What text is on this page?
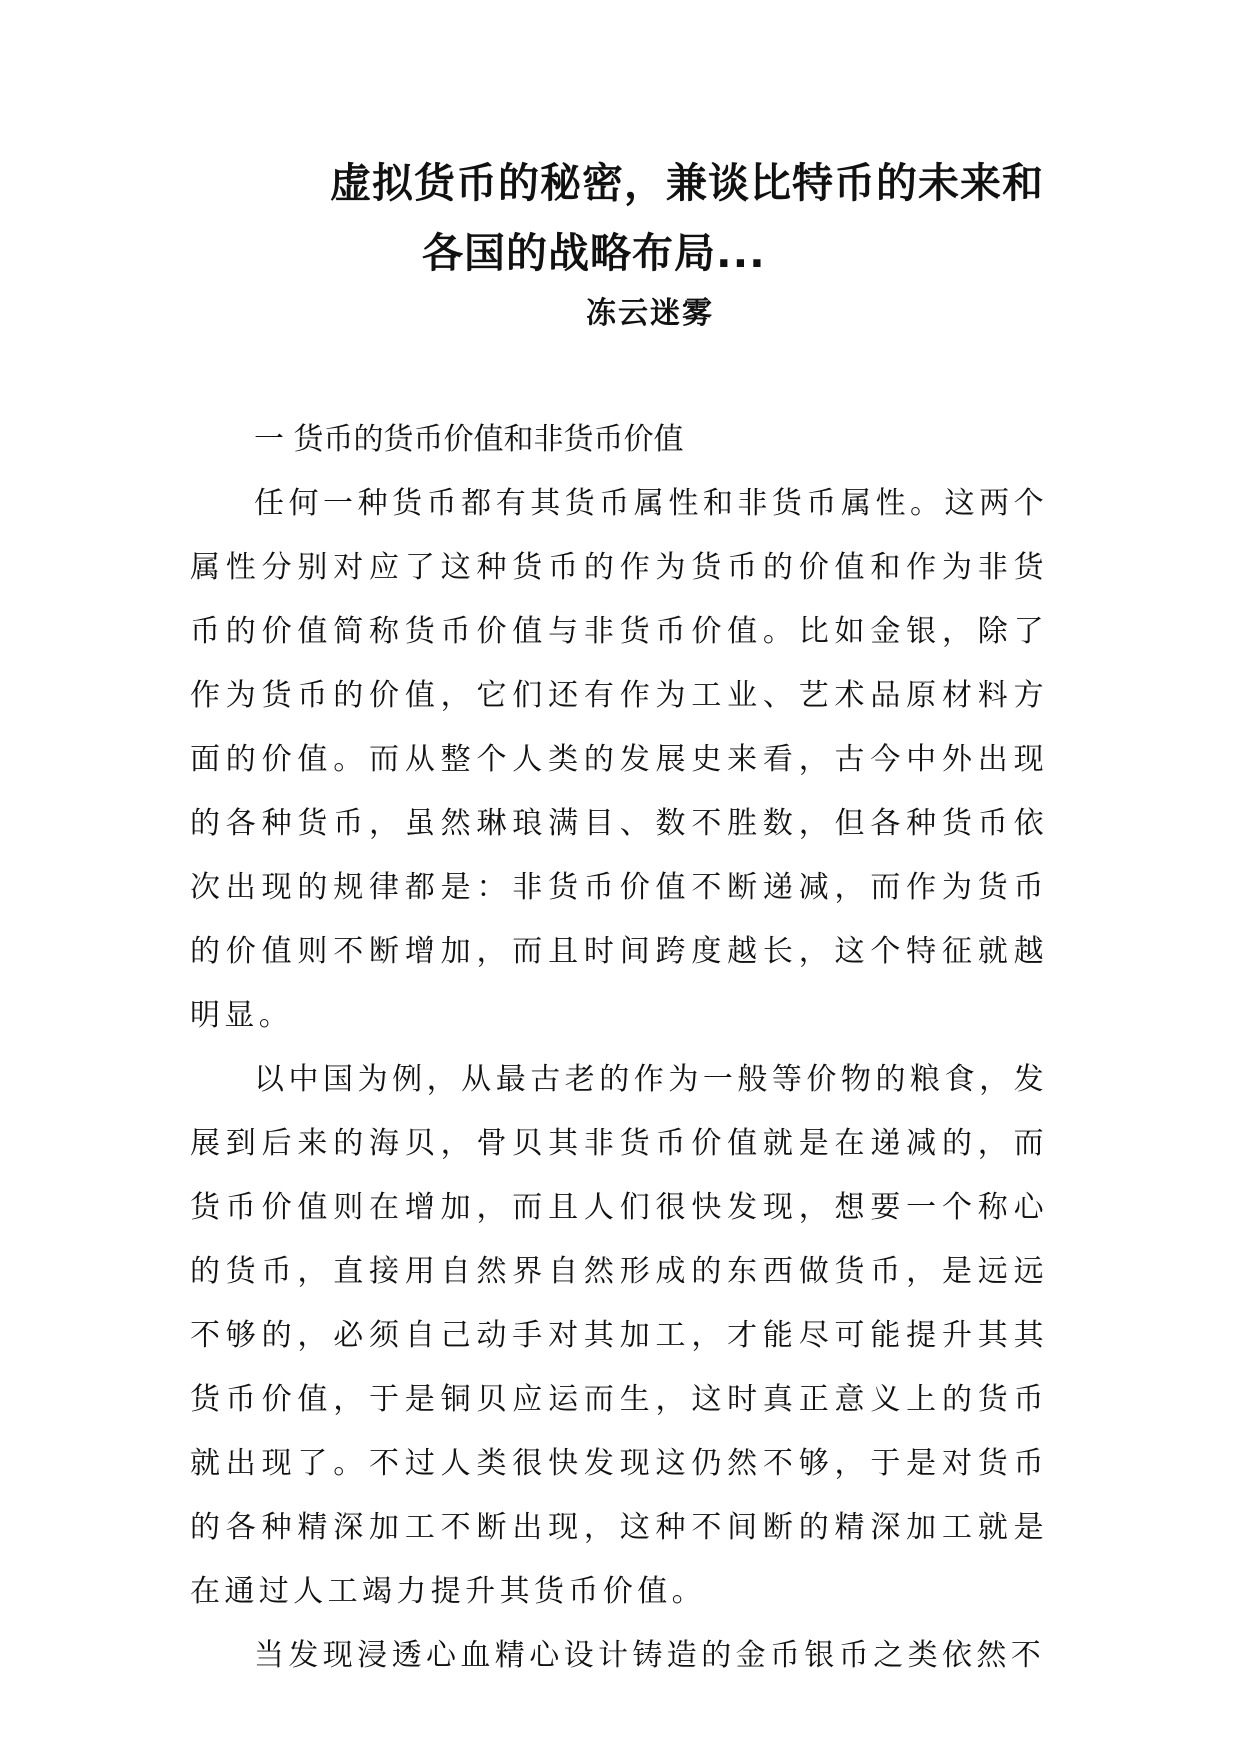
虚拟货币的秘密，兼谈比特币的未来和
各国的战略布局...
冻云迷雾
一 货币的货币价值和非货币价值

任何一种货币都有其货币属性和非货币属性。这两个属性分别对应了这种货币的作为货币的价值和作为非货币的价值简称货币价值与非货币价值。比如金银，除了作为货币的价值，它们还有作为工业、艺术品原材料方面的价值。而从整个人类的发展史来看，古今中外出现的各种货币，虽然琳琅满目、数不胜数，但各种货币依次出现的规律都是：非货币价值不断递减，而作为货币的价值则不断增加，而且时间跨度越长，这个特征就越明显。

以中国为例，从最古老的作为一般等价物的粮食，发展到后来的海贝，骨贝其非货币价值就是在递减的，而货币价值则在增加，而且人们很快发现，想要一个称心的货币，直接用自然界自然形成的东西做货币，是远远不够的，必须自己动手对其加工，才能尽可能提升其其货币价值，于是铜贝应运而生，这时真正意义上的货币就出现了。不过人类很快发现这仍然不够，于是对货币的各种精深加工不断出现，这种不间断的精深加工就是在通过人工竭力提升其货币价值。

当发现浸透心血精心设计铸造的金币银币之类依然不
